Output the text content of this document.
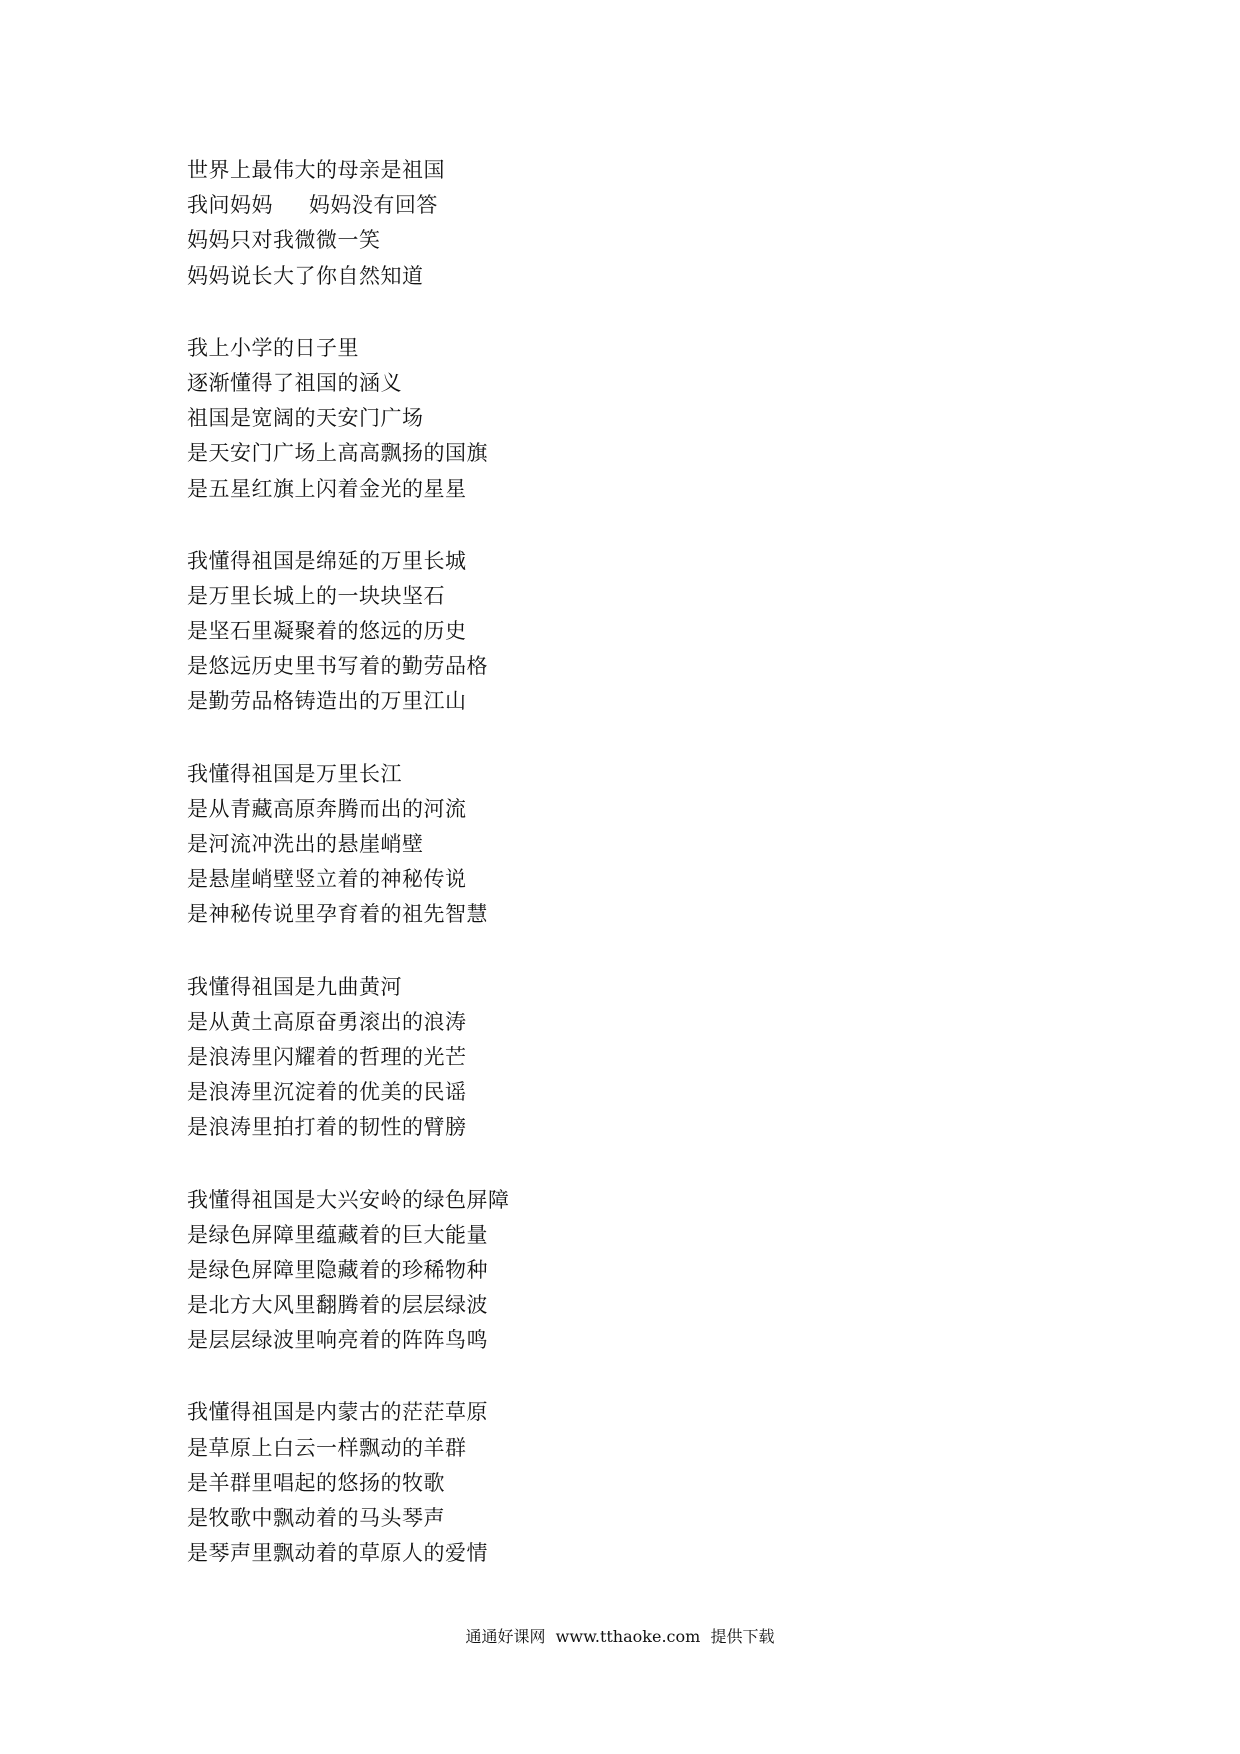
世界上最伟大的母亲是祖国
我问妈妈     妈妈没有回答
妈妈只对我微微一笑
妈妈说长大了你自然知道
我上小学的日子里
逐渐懂得了祖国的涵义
祖国是宽阔的天安门广场
是天安门广场上高高飘扬的国旗
是五星红旗上闪着金光的星星
我懂得祖国是绵延的万里长城
是万里长城上的一块块坚石
是坚石里凝聚着的悠远的历史
是悠远历史里书写着的勤劳品格
是勤劳品格铸造出的万里江山
我懂得祖国是万里长江
是从青藏高原奔腾而出的河流
是河流冲洗出的悬崖峭壁
是悬崖峭壁竖立着的神秘传说
是神秘传说里孕育着的祖先智慧
我懂得祖国是九曲黄河
是从黄土高原奋勇滚出的浪涛
是浪涛里闪耀着的哲理的光芒
是浪涛里沉淀着的优美的民谣
是浪涛里拍打着的韧性的臂膀
我懂得祖国是大兴安岭的绿色屏障
是绿色屏障里蕴藏着的巨大能量
是绿色屏障里隐藏着的珍稀物种
是北方大风里翻腾着的层层绿波
是层层绿波里响亮着的阵阵鸟鸣
我懂得祖国是内蒙古的茫茫草原
是草原上白云一样飘动的羊群
是羊群里唱起的悠扬的牧歌
是牧歌中飘动着的马头琴声
是琴声里飘动着的草原人的爱情
通通好课网  www.tthaoke.com  提供下载
